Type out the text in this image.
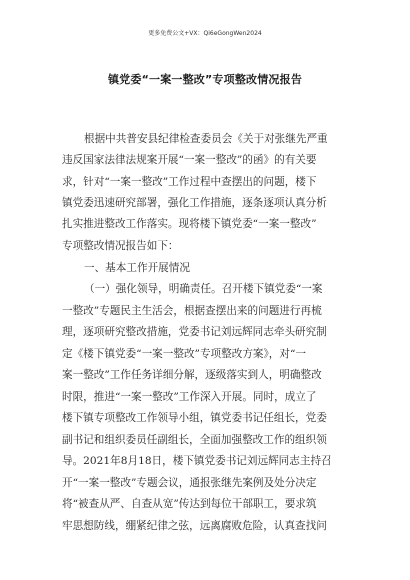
更多免费公文+VX：Qi6eGongWen2024
镇党委“一案一整改”专项整改情况报告
根据中共普安县纪律检查委员会《关于对张继先严重
违反国家法律法规案开展“一案一整改”的函》的有关要
求，针对“一案一整改”工作过程中查摆出的问题，楼下
镇党委迅速研究部署，强化工作措施，逐条逐项认真分析
扎实推进整改工作落实。现将楼下镇党委“一案一整改”
专项整改情况报告如下：
一、基本工作开展情况
（一）强化领导，明确责任。召开楼下镇党委“一案
一整改”专题民主生活会，根据查摆出来的问题进行再梳
理，逐项研究整改措施，党委书记刘远辉同志牵头研究制
定《楼下镇党委“一案一整改”专项整改方案》，对“一
案一整改”工作任务详细分解，逐级落实到人，明确整改
时限，推进“一案一整改”工作深入开展。同时，成立了
楼下镇专项整改工作领导小组，镇党委书记任组长，党委
副书记和组织委员任副组长，全面加强整改工作的组织领
导。2021年8月18日，楼下镇党委书记刘远辉同志主持召
开“一案一整改”专题会议，通报张继先案例及处分决定
将“被查从严、自查从宽”传达到每位干部职工，要求筑
牢思想防线，绷紧纪律之弦，远离腐败危险，认真查找问
